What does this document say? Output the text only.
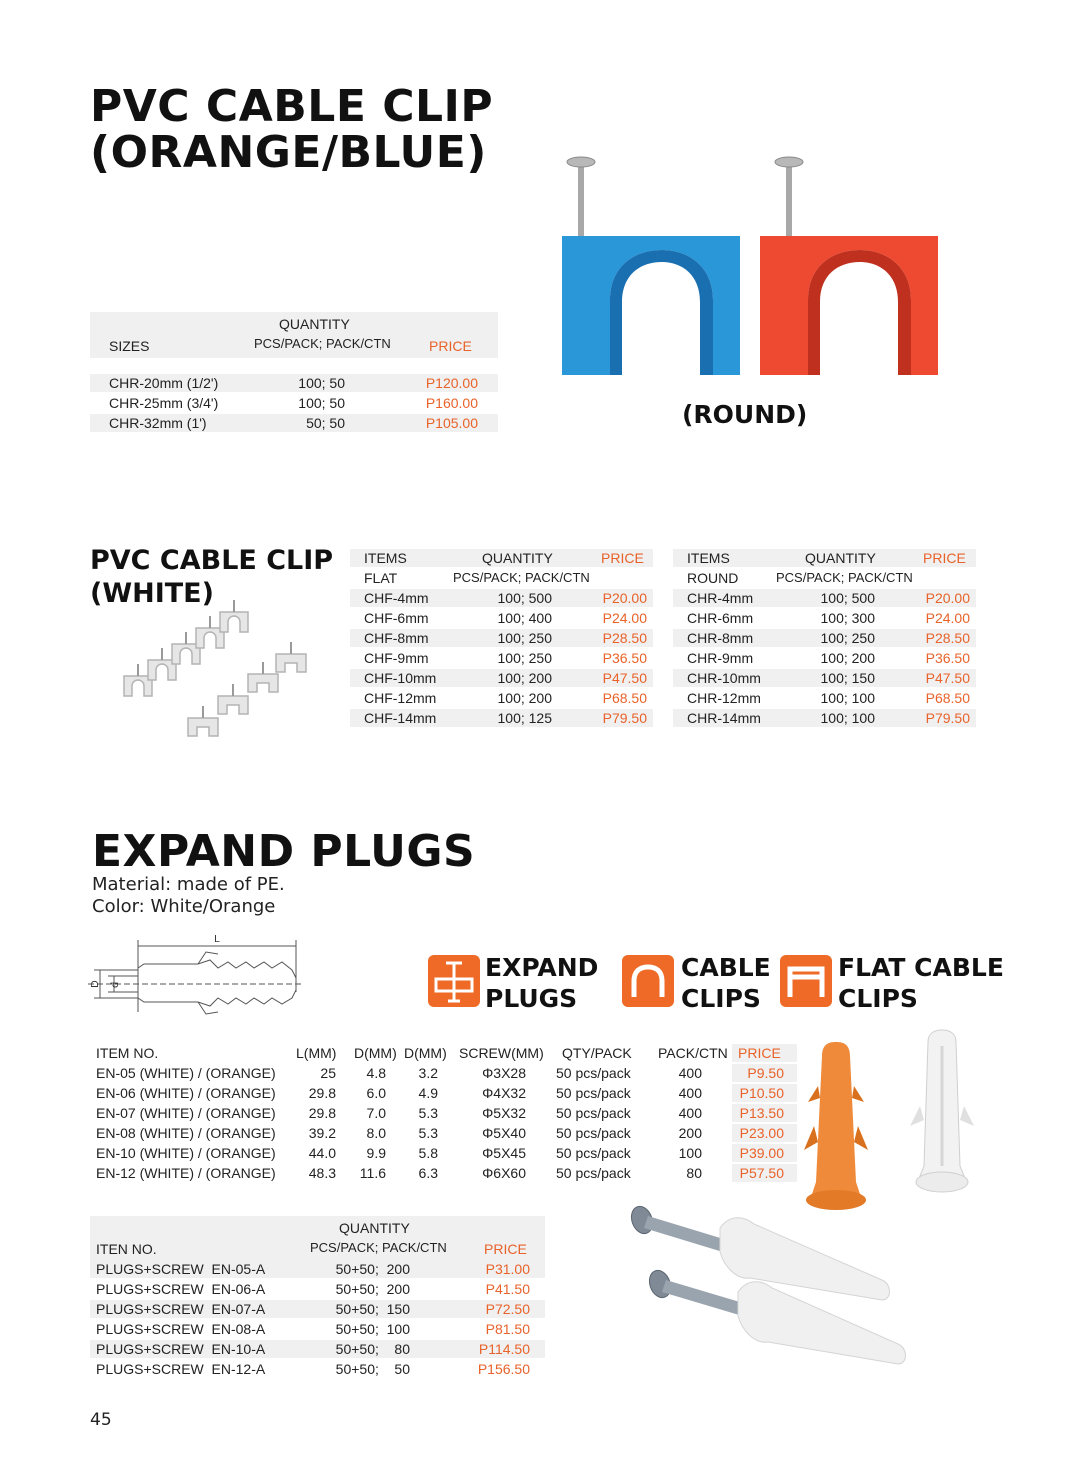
PVC CABLE CLIP
(ORANGE/BLUE)
QUANTITY
SIZES	PCS/PACK; PACK/CTN	PRICE
CHR-20mm (1/2')	100; 50	P120.00
CHR-25mm (3/4')	100; 50	P160.00
CHR-32mm (1')	50; 50	P105.00	(ROUND)
PVC CABLE CLIP
(WHITE)
ITEMS	QUANTITY	PRICE
FLAT	PCS/PACK; PACK/CTN
CHF-4mm	100; 500	P20.00
CHF-6mm	100; 400	P24.00
CHF-8mm	100; 250	P28.50
CHF-9mm	100; 250	P36.50
CHF-10mm	100; 200	P47.50
CHF-12mm	100; 200	P68.50
CHF-14mm	100; 125	P79.50
ITEMS	QUANTITY	PRICE
ROUND	PCS/PACK; PACK/CTN
CHR-4mm	100; 500	P20.00
CHR-6mm	100; 300	P24.00
CHR-8mm	100; 250	P28.50
CHR-9mm	100; 200	P36.50
CHR-10mm	100; 150	P47.50
CHR-12mm	100; 100	P68.50
CHR-14mm	100; 100	P79.50
EXPAND PLUGS
Material: made of PE.
Color: White/Orange
L
D d
EXPAND
PLUGS
CABLE
CLIPS
FLAT CABLE
CLIPS
ITEM NO.	L(MM) D(MM) D(MM) SCREW(MM) QTY/PACK PACK/CTN PRICE
EN-05 (WHITE) / (ORANGE)	25	4.8	3.2	Φ3X28 50 pcs/pack	400	P9.50
EN-06 (WHITE) / (ORANGE)	29.8	6.0	4.9	Φ4X32 50 pcs/pack	400	P10.50
EN-07 (WHITE) / (ORANGE)	29.8	7.0	5.3	Φ5X32 50 pcs/pack	400	P13.50
EN-08 (WHITE) / (ORANGE)	39.2	8.0	5.3	Φ5X40 50 pcs/pack	200	P23.00
EN-10 (WHITE) / (ORANGE)	44.0	9.9	5.8	Φ5X45 50 pcs/pack	100	P39.00
EN-12 (WHITE) / (ORANGE)	48.3	11.6	6.3	Φ6X60 50 pcs/pack	80	P57.50
QUANTITY
ITEN NO.	PCS/PACK; PACK/CTN	PRICE
PLUGS+SCREW  EN-05-A	50+50;  200	P31.00
PLUGS+SCREW  EN-06-A	50+50;  200	P41.50
PLUGS+SCREW  EN-07-A	50+50;  150	P72.50
PLUGS+SCREW  EN-08-A	50+50;  100	P81.50
PLUGS+SCREW  EN-10-A	50+50;    80	P114.50
PLUGS+SCREW  EN-12-A	50+50;    50	P156.50
45
